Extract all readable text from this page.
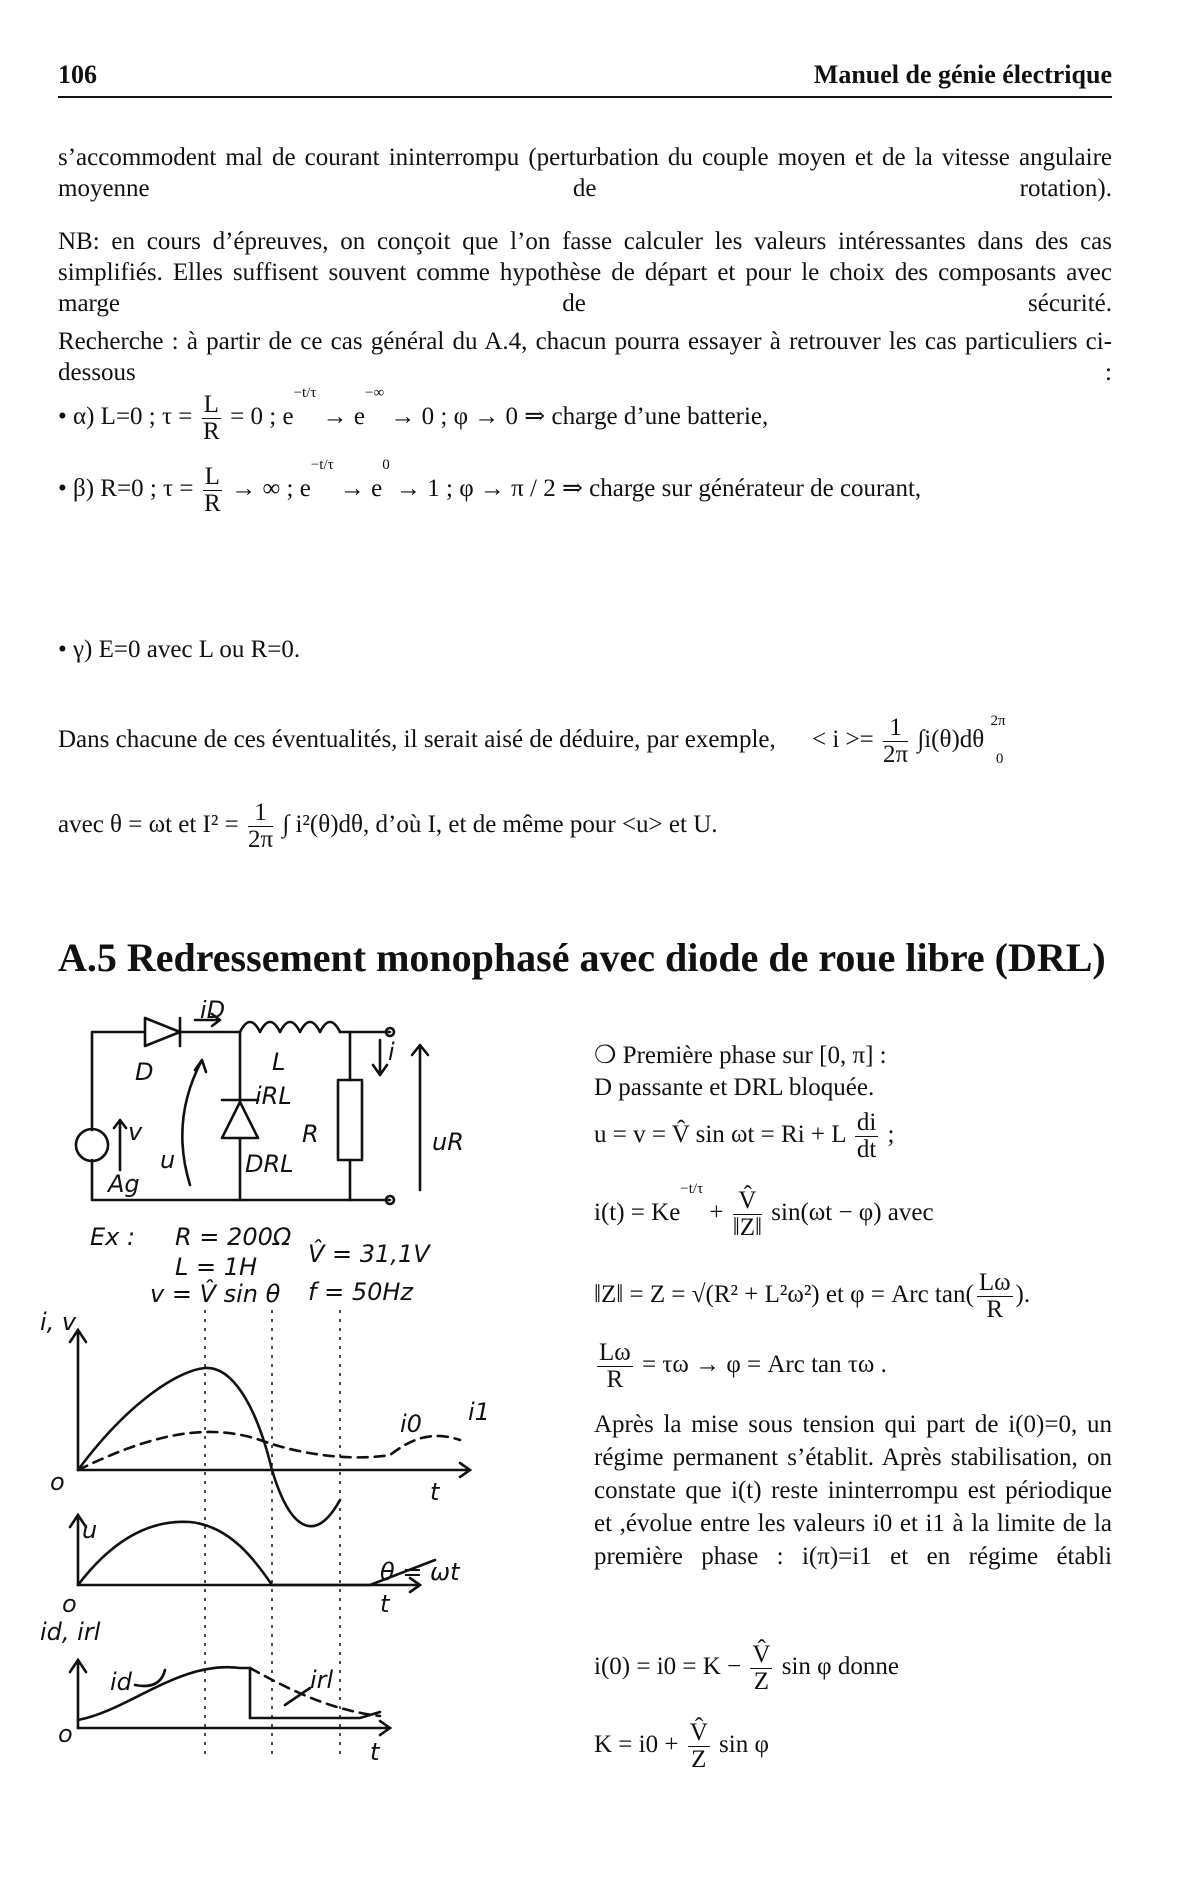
106	Manuel de génie électrique
s’accommodent mal de courant ininterrompu (perturbation du couple moyen et de la vitesse angulaire moyenne de rotation).
NB: en cours d’épreuves, on conçoit que l’on fasse calculer les valeurs intéressantes dans des cas simplifiés. Elles suffisent souvent comme hypothèse de départ et pour le choix des composants avec marge de sécurité.
Recherche : à partir de ce cas général du A.4, chacun pourra essayer à retrouver les cas particuliers ci-dessous :
• α) L=0 ; $\tau = \frac{L}{R} = 0$ ; $e^{-t/\tau} \to e^{-\infty} \to 0$ ; φ → 0 ⇒ charge d’une batterie,
• β) R=0 ; $\tau = \frac{L}{R}$ → ∞ ; $e^{-t/\tau} \to e^0 \to 1$ ; φ → π / 2 ⇒ charge sur générateur de courant,
• γ) E=0 avec L ou R=0.
Dans chacune de ces éventualités, il serait aisé de déduire, par exemple, < $i >= \frac{1}{2\pi} \int i(\theta)d\theta$ $^{2\pi}$ $_0$
avec θ = ωt et $I^2 = \frac{1}{2\pi}$ ∫ i²(θ)dθ, d’où I, et de même pour <u> et U.
A.5 Redressement monophasé avec diode de roue libre (DRL)
iD
D	L	i
v
u
iRL
R	uR
DRL
Ag
Ex : R = 200Ω
L = 1H
v = V̂ sin θ
V̂ = 31,1V
f = 50Hz
i, v
i0 i1
t
o
u
θ = ωt
t
o
id, irl
id	irl
t
o
❍ Première phase sur [0, π] :
D passante et DRL bloquée.
u = v = V̂ sin ωt = Ri + L $\frac{di}{dt}$ ;
$i(t) = Ke^{-t/\tau} + \frac{V̂}{‖Z‖} \sin(\omega t - \varphi)$ avec
‖Z‖ = Z = √(R² + L²ω²) et φ = Arc $\tan( \frac{L\omega}{R}$ ).
$\frac{L\omega}{R} = \tau\omega \to \varphi$ = Arc tan τω .
Après la mise sous tension qui part de i(0)=0, un régime permanent s’établit. Après stabilisation, on constate que i(t) reste ininterrompu est périodique et ,évolue entre les valeurs i0 et i1 à la limite de la première phase : i(π)=i1 et en régime établi
$i(0) = i0 = K - \frac{V̂}{Z}$ sin φ donne
$K = i0 + \frac{V̂}{Z}$ sin φ
